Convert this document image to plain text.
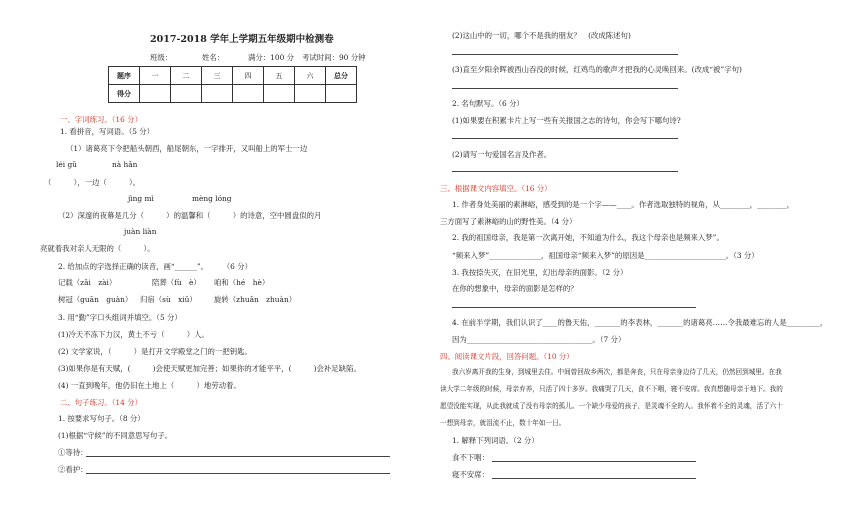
2017-2018 学年上学期五年级期中检测卷
班级：	姓名：	满分：100 分 考试时间：90 分钟
题序	一	二	三	四	五	六	总分
得分							
一、字词练习。（16 分）
1. 看拼音，写词语。（5 分）
（1）诸葛亮下令把船头朝西，船尾朝东，一字排开，又叫船上的军士一边
léi gǔ	nà hǎn
（　　　），一边（　　　）。
jìng mì	mèng lóng
（2）深邃的夜幕是几分（　　　）的温馨和（　　　）的诗意，空中圆盘似的月
juàn liàn
亮就着我对亲人无限的（　　　）。
2. 给加点的字选择正确的读音，画“______”。　　　（6 分）
记载（zǎi　zài）	陪葬（fù　è） 咱和（hé　hè）
树冠（guān　guàn） 归宿（sù　xiǔ） 旋转（zhuǎn　zhuàn）
3. 用“勤”字口头组词并填空。（5 分）
(1)冷天不冻下力汉，黄土不亏（　　　）人。
(2) 文学家说，（　　　）是打开文学殿堂之门的一把钥匙。
(3)如果你是有天赋，(　　　)会使天赋更加完善；如果你的才能平平，(　　　)会补足缺陷。
(4) 一直到晚年，他仍旧在土地上（　　　）地劳动着。
二、句子练习。（14 分）
1. 按要求写句子。（8 分）
(1)根据“守候”的不同意思写句子。
①等待：
②看护：
(2)这山中的一切，哪个不是我的朋友？　(改成陈述句)
(3)直至夕阳余晖被西山吞没的时候，红鸡鸟的歌声才把我的心灵唤回来。(改成“被”字句)
2. 名句默写。（6 分）
(1)如果要在积累卡片上写一些有关报国之志的诗句，你会写下哪句诗?
(2)请写一句爱国名言及作者。
三、根据课文内容填空。（16 分）
1. 作者身处美丽的素淋峪，感受到的是一个字——____。作者选取独特的视角，从________，________，
三方面写了素淋峪的山的野性美。（4 分）
2. 我的祖国母亲，我是第一次离开她，不知道为什么，我这个母亲也是频来入梦”。
“频来入梦”______________，祖国母亲“频来入梦”的原因是______________________。（3 分）
3. 我按捺失灭，在旧光里，幻出母亲的面影。（2 分）
在你的想象中，母亲的面影是怎样的？
4. 在前半学期，我们认识了____的鲁天佑，_______的李表林，_______的诸葛亮……令我最难忘的人是_________，
因为__________________________________。（7 分）
四、阅读课文片段，回答问题。（10 分）
我六岁离开我的生身，到城里去住。中间曾回故乡两次，都是奔丧，只在母亲身边待了几天，仍然回到城里。在我
读大学二年级的时候，母亲弃养，只活了四十多岁。我痛哭了几天，食不下咽，寝不安席。我真想随母亲于地下。我的
愿望没能实现，从此我就成了没有母亲的孤儿。一个缺少母爱的孩子，是灵魂不全的人。我怀着不全的灵魂，活了六十
一想到母亲，就泪流不止，数十年如一日。
1. 解释下列词语。（2 分）
食不下咽：
寝不安席：
